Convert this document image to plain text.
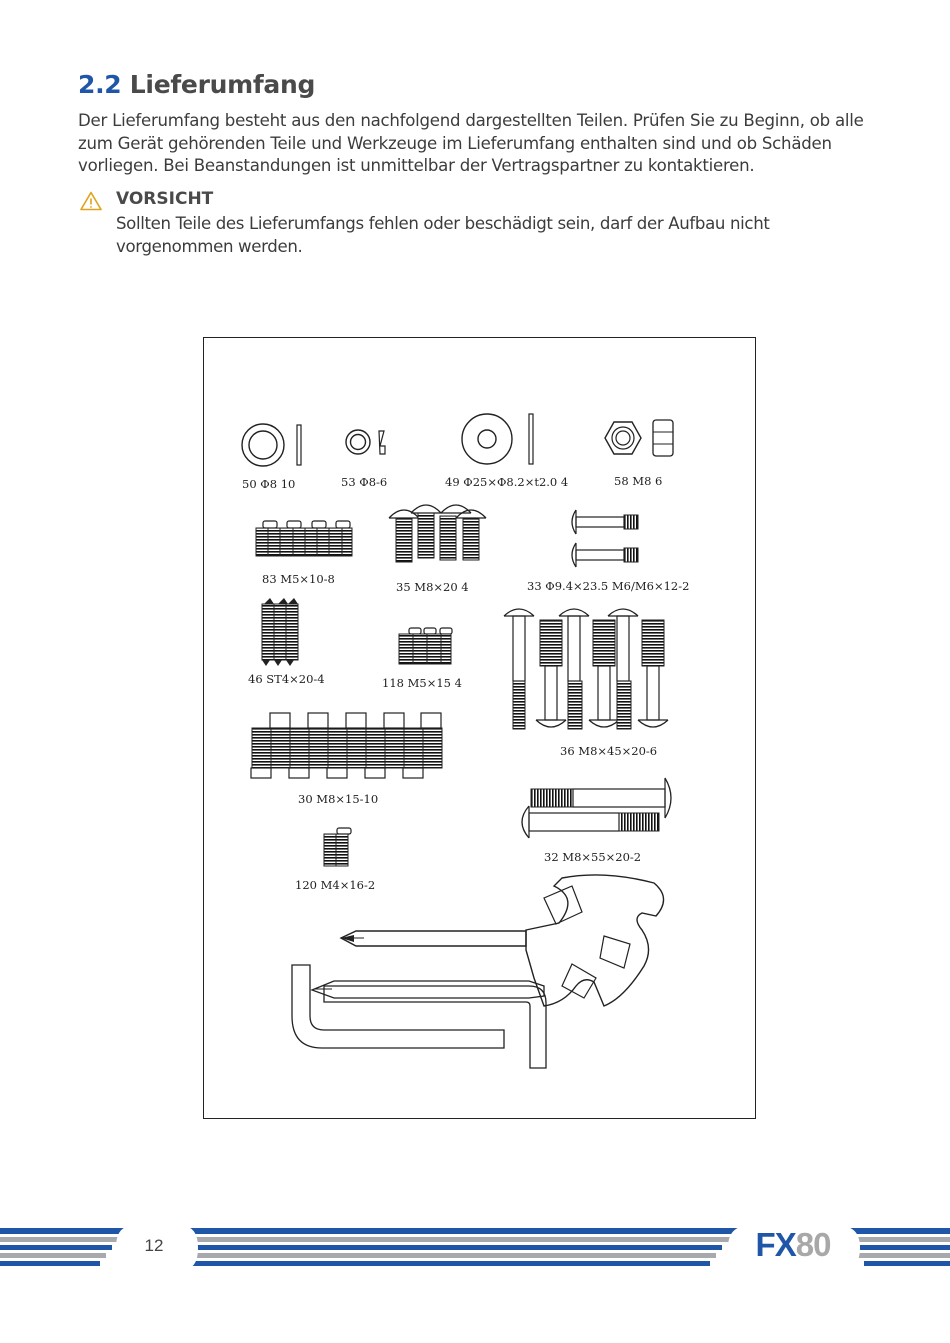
2.2 Lieferumfang

Der Lieferumfang besteht aus den nachfolgend dargestellten Teilen. Prüfen Sie zu Beginn, ob alle zum Gerät gehörenden Teile und Werkzeuge im Lieferumfang enthalten sind und ob Schäden vorliegen. Bei Beanstandungen ist unmittelbar der Vertragspartner zu kontaktieren.

VORSICHT

Sollten Teile des Lieferumfangs fehlen oder beschädigt sein, darf der Aufbau nicht vorgenommen werden.

50 Φ8 10	53 Φ8-6	49 Φ25×Φ8.2×t2.0 4	58 M8 6
83 M5×10-8
35 M8×20 4	33 Φ9.4×23.5 M6/M6×12-2
46 ST4×20-4	118 M5×15 4
36 M8×45×20-6
30 M8×15-10
32 M8×55×20-2
120 M4×16-2
12	FX80
